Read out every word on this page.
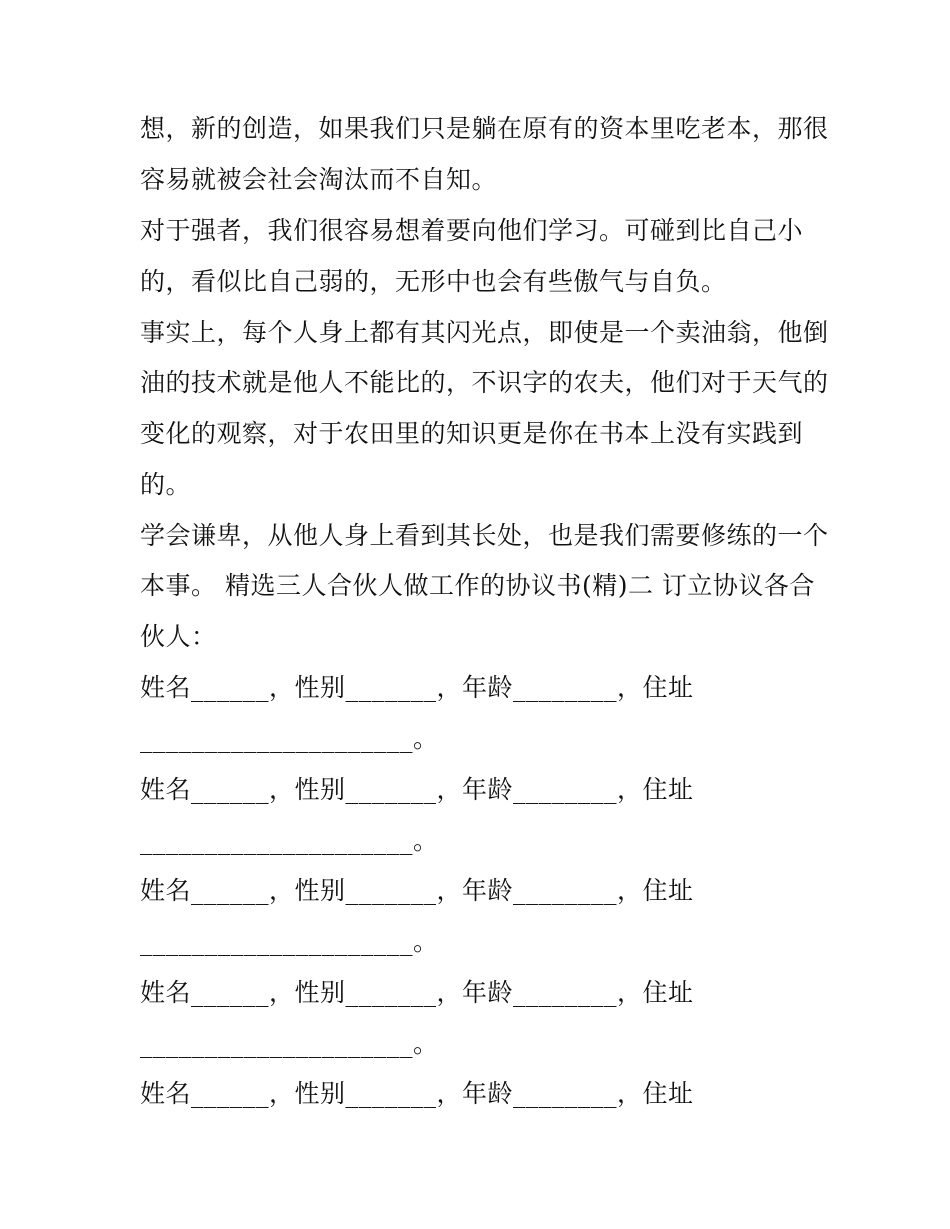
想，新的创造，如果我们只是躺在原有的资本里吃老本，那很
容易就被会社会淘汰而不自知。
对于强者，我们很容易想着要向他们学习。可碰到比自己小
的，看似比自己弱的，无形中也会有些傲气与自负。
事实上，每个人身上都有其闪光点，即使是一个卖油翁，他倒
油的技术就是他人不能比的，不识字的农夫，他们对于天气的
变化的观察，对于农田里的知识更是你在书本上没有实践到
的。
学会谦卑，从他人身上看到其长处，也是我们需要修练的一个
本事。 精选三人合伙人做工作的协议书(精)二 订立协议各合
伙人：
姓名______，性别_______，年龄________，住址
_____________________。
姓名______，性别_______，年龄________，住址
_____________________。
姓名______，性别_______，年龄________，住址
_____________________。
姓名______，性别_______，年龄________，住址
_____________________。
姓名______，性别_______，年龄________，住址
